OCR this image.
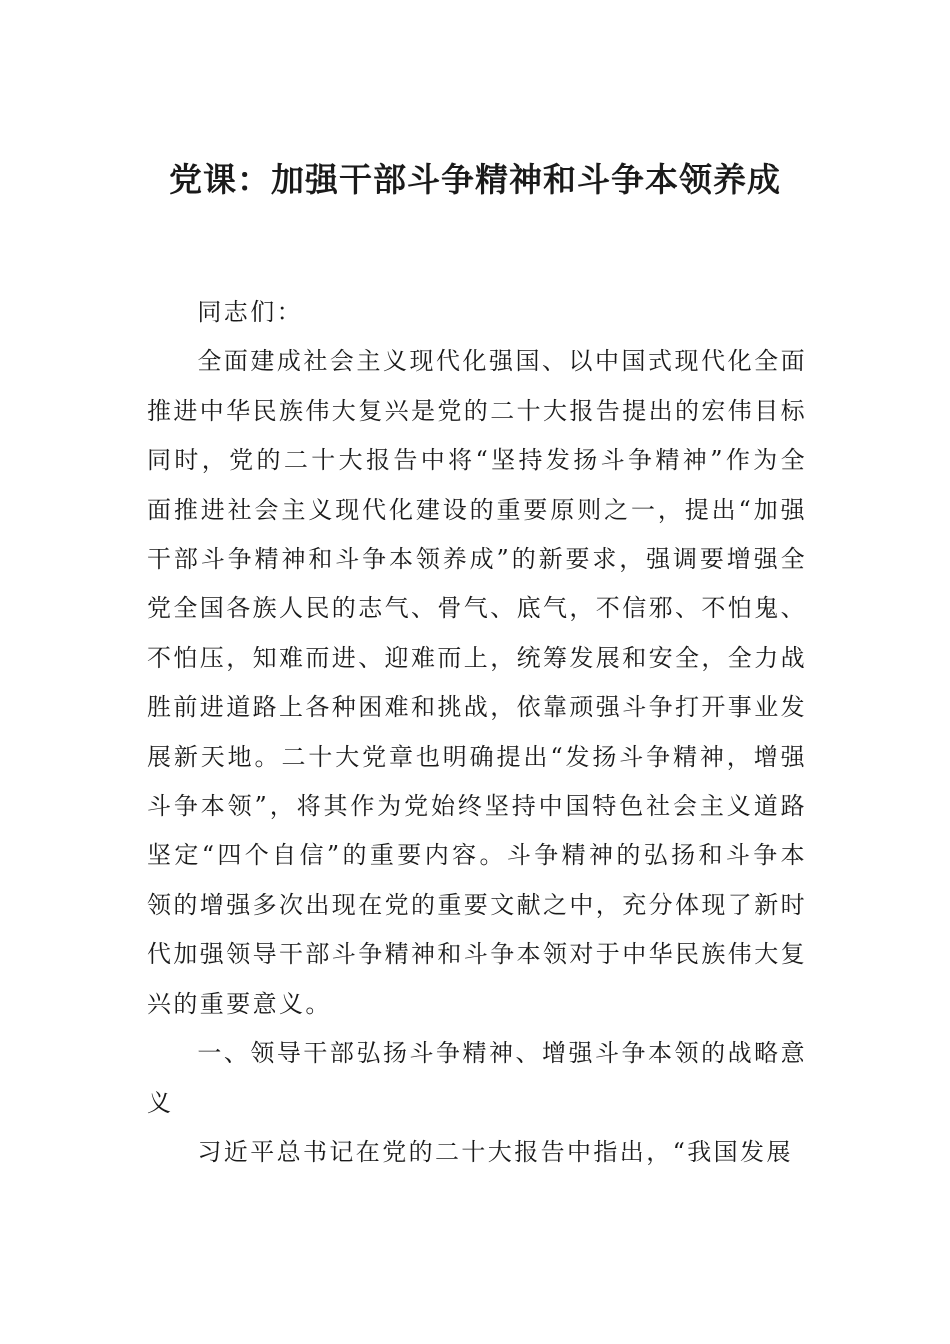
党课：加强干部斗争精神和斗争本领养成

同志们：

全面建成社会主义现代化强国、以中国式现代化全面推进中华民族伟大复兴是党的二十大报告提出的宏伟目标同时，党的二十大报告中将“坚持发扬斗争精神”作为全面推进社会主义现代化建设的重要原则之一，提出“加强干部斗争精神和斗争本领养成”的新要求，强调要增强全党全国各族人民的志气、骨气、底气，不信邪、不怕鬼、不怕压，知难而进、迎难而上，统筹发展和安全，全力战胜前进道路上各种困难和挑战，依靠顽强斗争打开事业发展新天地。二十大党章也明确提出“发扬斗争精神，增强斗争本领”，将其作为党始终坚持中国特色社会主义道路坚定“四个自信”的重要内容。斗争精神的弘扬和斗争本领的增强多次出现在党的重要文献之中，充分体现了新时代加强领导干部斗争精神和斗争本领对于中华民族伟大复兴的重要意义。

一、领导干部弘扬斗争精神、增强斗争本领的战略意义

习近平总书记在党的二十大报告中指出，“我国发展
